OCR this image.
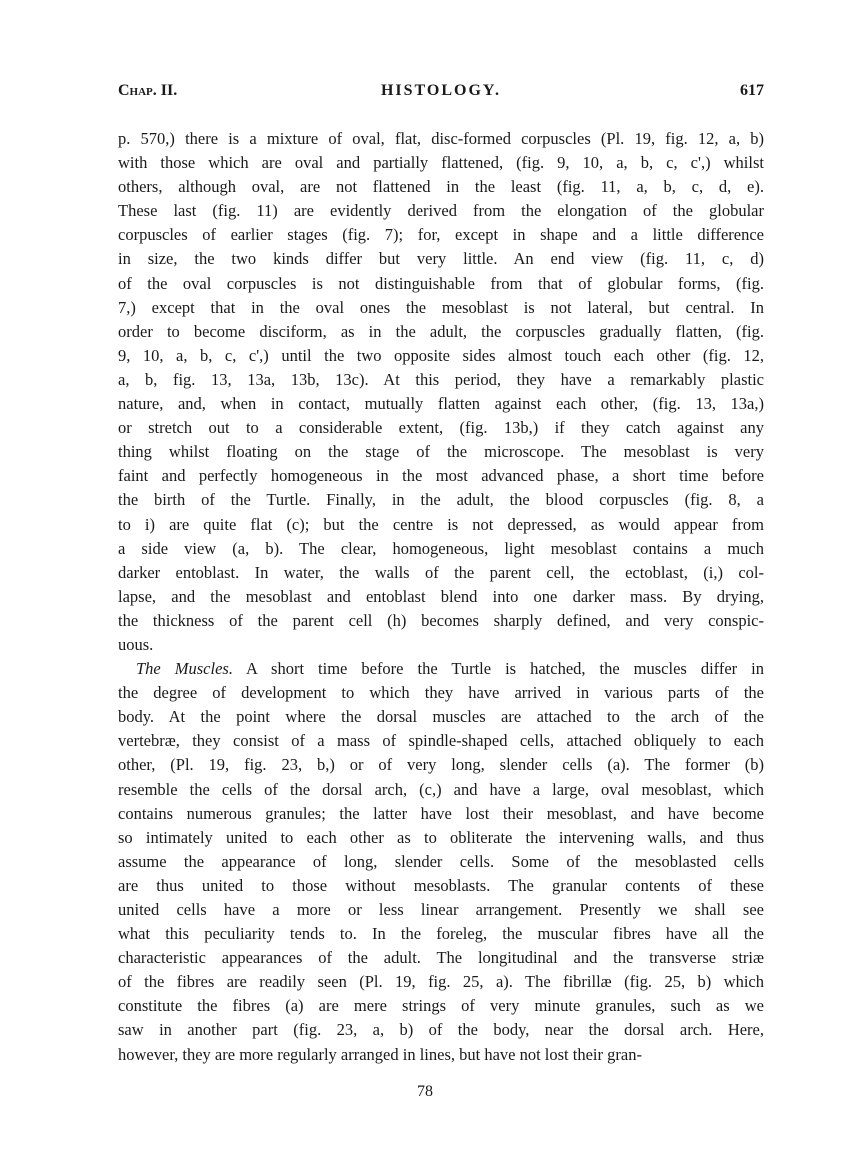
Chap. II.	HISTOLOGY.	617
p. 570,) there is a mixture of oval, flat, disc-formed corpuscles (Pl. 19, fig. 12, a, b)
with those which are oval and partially flattened, (fig. 9, 10, a, b, c, c',) whilst
others, although oval, are not flattened in the least (fig. 11, a, b, c, d, e).
These last (fig. 11) are evidently derived from the elongation of the globular
corpuscles of earlier stages (fig. 7); for, except in shape and a little difference
in size, the two kinds differ but very little. An end view (fig. 11, c, d)
of the oval corpuscles is not distinguishable from that of globular forms, (fig.
7,) except that in the oval ones the mesoblast is not lateral, but central. In
order to become disciform, as in the adult, the corpuscles gradually flatten, (fig.
9, 10, a, b, c, c',) until the two opposite sides almost touch each other (fig. 12,
a, b, fig. 13, 13a, 13b, 13c). At this period, they have a remarkably plastic
nature, and, when in contact, mutually flatten against each other, (fig. 13, 13a,)
or stretch out to a considerable extent, (fig. 13b,) if they catch against any
thing whilst floating on the stage of the microscope. The mesoblast is very
faint and perfectly homogeneous in the most advanced phase, a short time before
the birth of the Turtle. Finally, in the adult, the blood corpuscles (fig. 8, a
to i) are quite flat (c); but the centre is not depressed, as would appear from
a side view (a, b). The clear, homogeneous, light mesoblast contains a much
darker entoblast. In water, the walls of the parent cell, the ectoblast, (i,) col-
lapse, and the mesoblast and entoblast blend into one darker mass. By drying,
the thickness of the parent cell (h) becomes sharply defined, and very conspic-
uous.
The Muscles. A short time before the Turtle is hatched, the muscles differ in
the degree of development to which they have arrived in various parts of the
body. At the point where the dorsal muscles are attached to the arch of the
vertebræ, they consist of a mass of spindle-shaped cells, attached obliquely to each
other, (Pl. 19, fig. 23, b,) or of very long, slender cells (a). The former (b)
resemble the cells of the dorsal arch, (c,) and have a large, oval mesoblast, which
contains numerous granules; the latter have lost their mesoblast, and have become
so intimately united to each other as to obliterate the intervening walls, and thus
assume the appearance of long, slender cells. Some of the mesoblasted cells
are thus united to those without mesoblasts. The granular contents of these
united cells have a more or less linear arrangement. Presently we shall see
what this peculiarity tends to. In the foreleg, the muscular fibres have all the
characteristic appearances of the adult. The longitudinal and the transverse striæ
of the fibres are readily seen (Pl. 19, fig. 25, a). The fibrillæ (fig. 25, b) which
constitute the fibres (a) are mere strings of very minute granules, such as we
saw in another part (fig. 23, a, b) of the body, near the dorsal arch. Here,
however, they are more regularly arranged in lines, but have not lost their gran-
78
